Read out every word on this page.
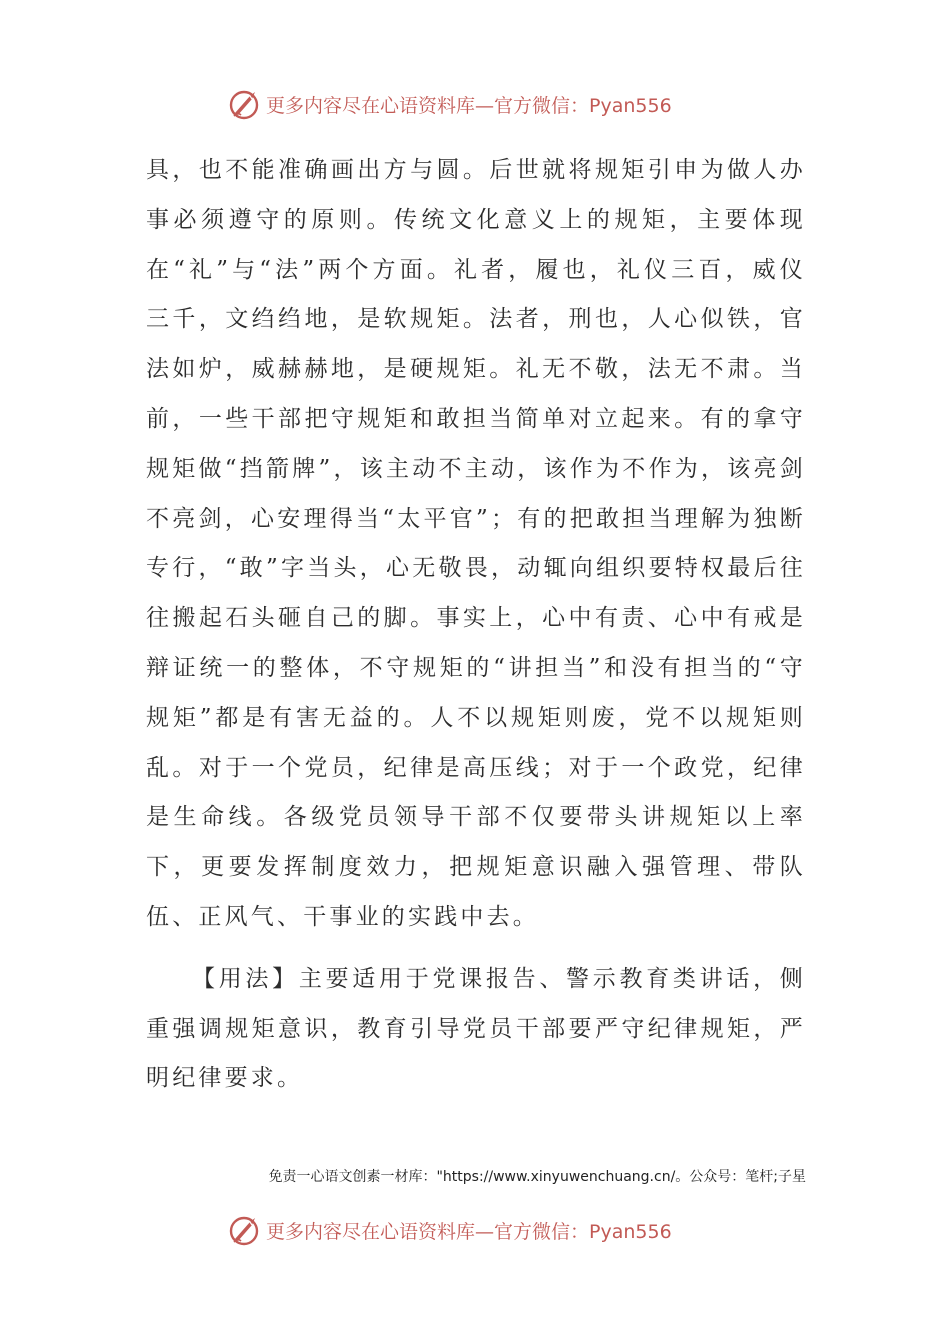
更多内容尽在心语资料库—官方微信：Pyan556

具，也不能准确画出方与圆。后世就将规矩引申为做人办事必须遵守的原则。传统文化意义上的规矩，主要体现在“礼”与“法”两个方面。礼者，履也，礼仪三百，威仪三千，文绉绉地，是软规矩。法者，刑也，人心似铁，官法如炉，威赫赫地，是硬规矩。礼无不敬，法无不肃。当前，一些干部把守规矩和敢担当简单对立起来。有的拿守规矩做“挡箭牌”，该主动不主动，该作为不作为，该亮剑不亮剑，心安理得当“太平官”；有的把敢担当理解为独断专行，“敢”字当头，心无敬畏，动辄向组织要特权最后往往搬起石头砸自己的脚。事实上，心中有责、心中有戒是辩证统一的整体，不守规矩的“讲担当”和没有担当的“守规矩”都是有害无益的。人不以规矩则废，党不以规矩则乱。对于一个党员，纪律是高压线；对于一个政党，纪律是生命线。各级党员领导干部不仅要带头讲规矩以上率下，更要发挥制度效力，把规矩意识融入强管理、带队伍、正风气、干事业的实践中去。

【用法】主要适用于党课报告、警示教育类讲话，侧重强调规矩意识，教育引导党员干部要严守纪律规矩，严明纪律要求。

免责一心语文创素一材库："https://www.xinyuwenchuang.cn/。公众号：笔杆;子星
更多内容尽在心语资料库—官方微信：Pyan556
